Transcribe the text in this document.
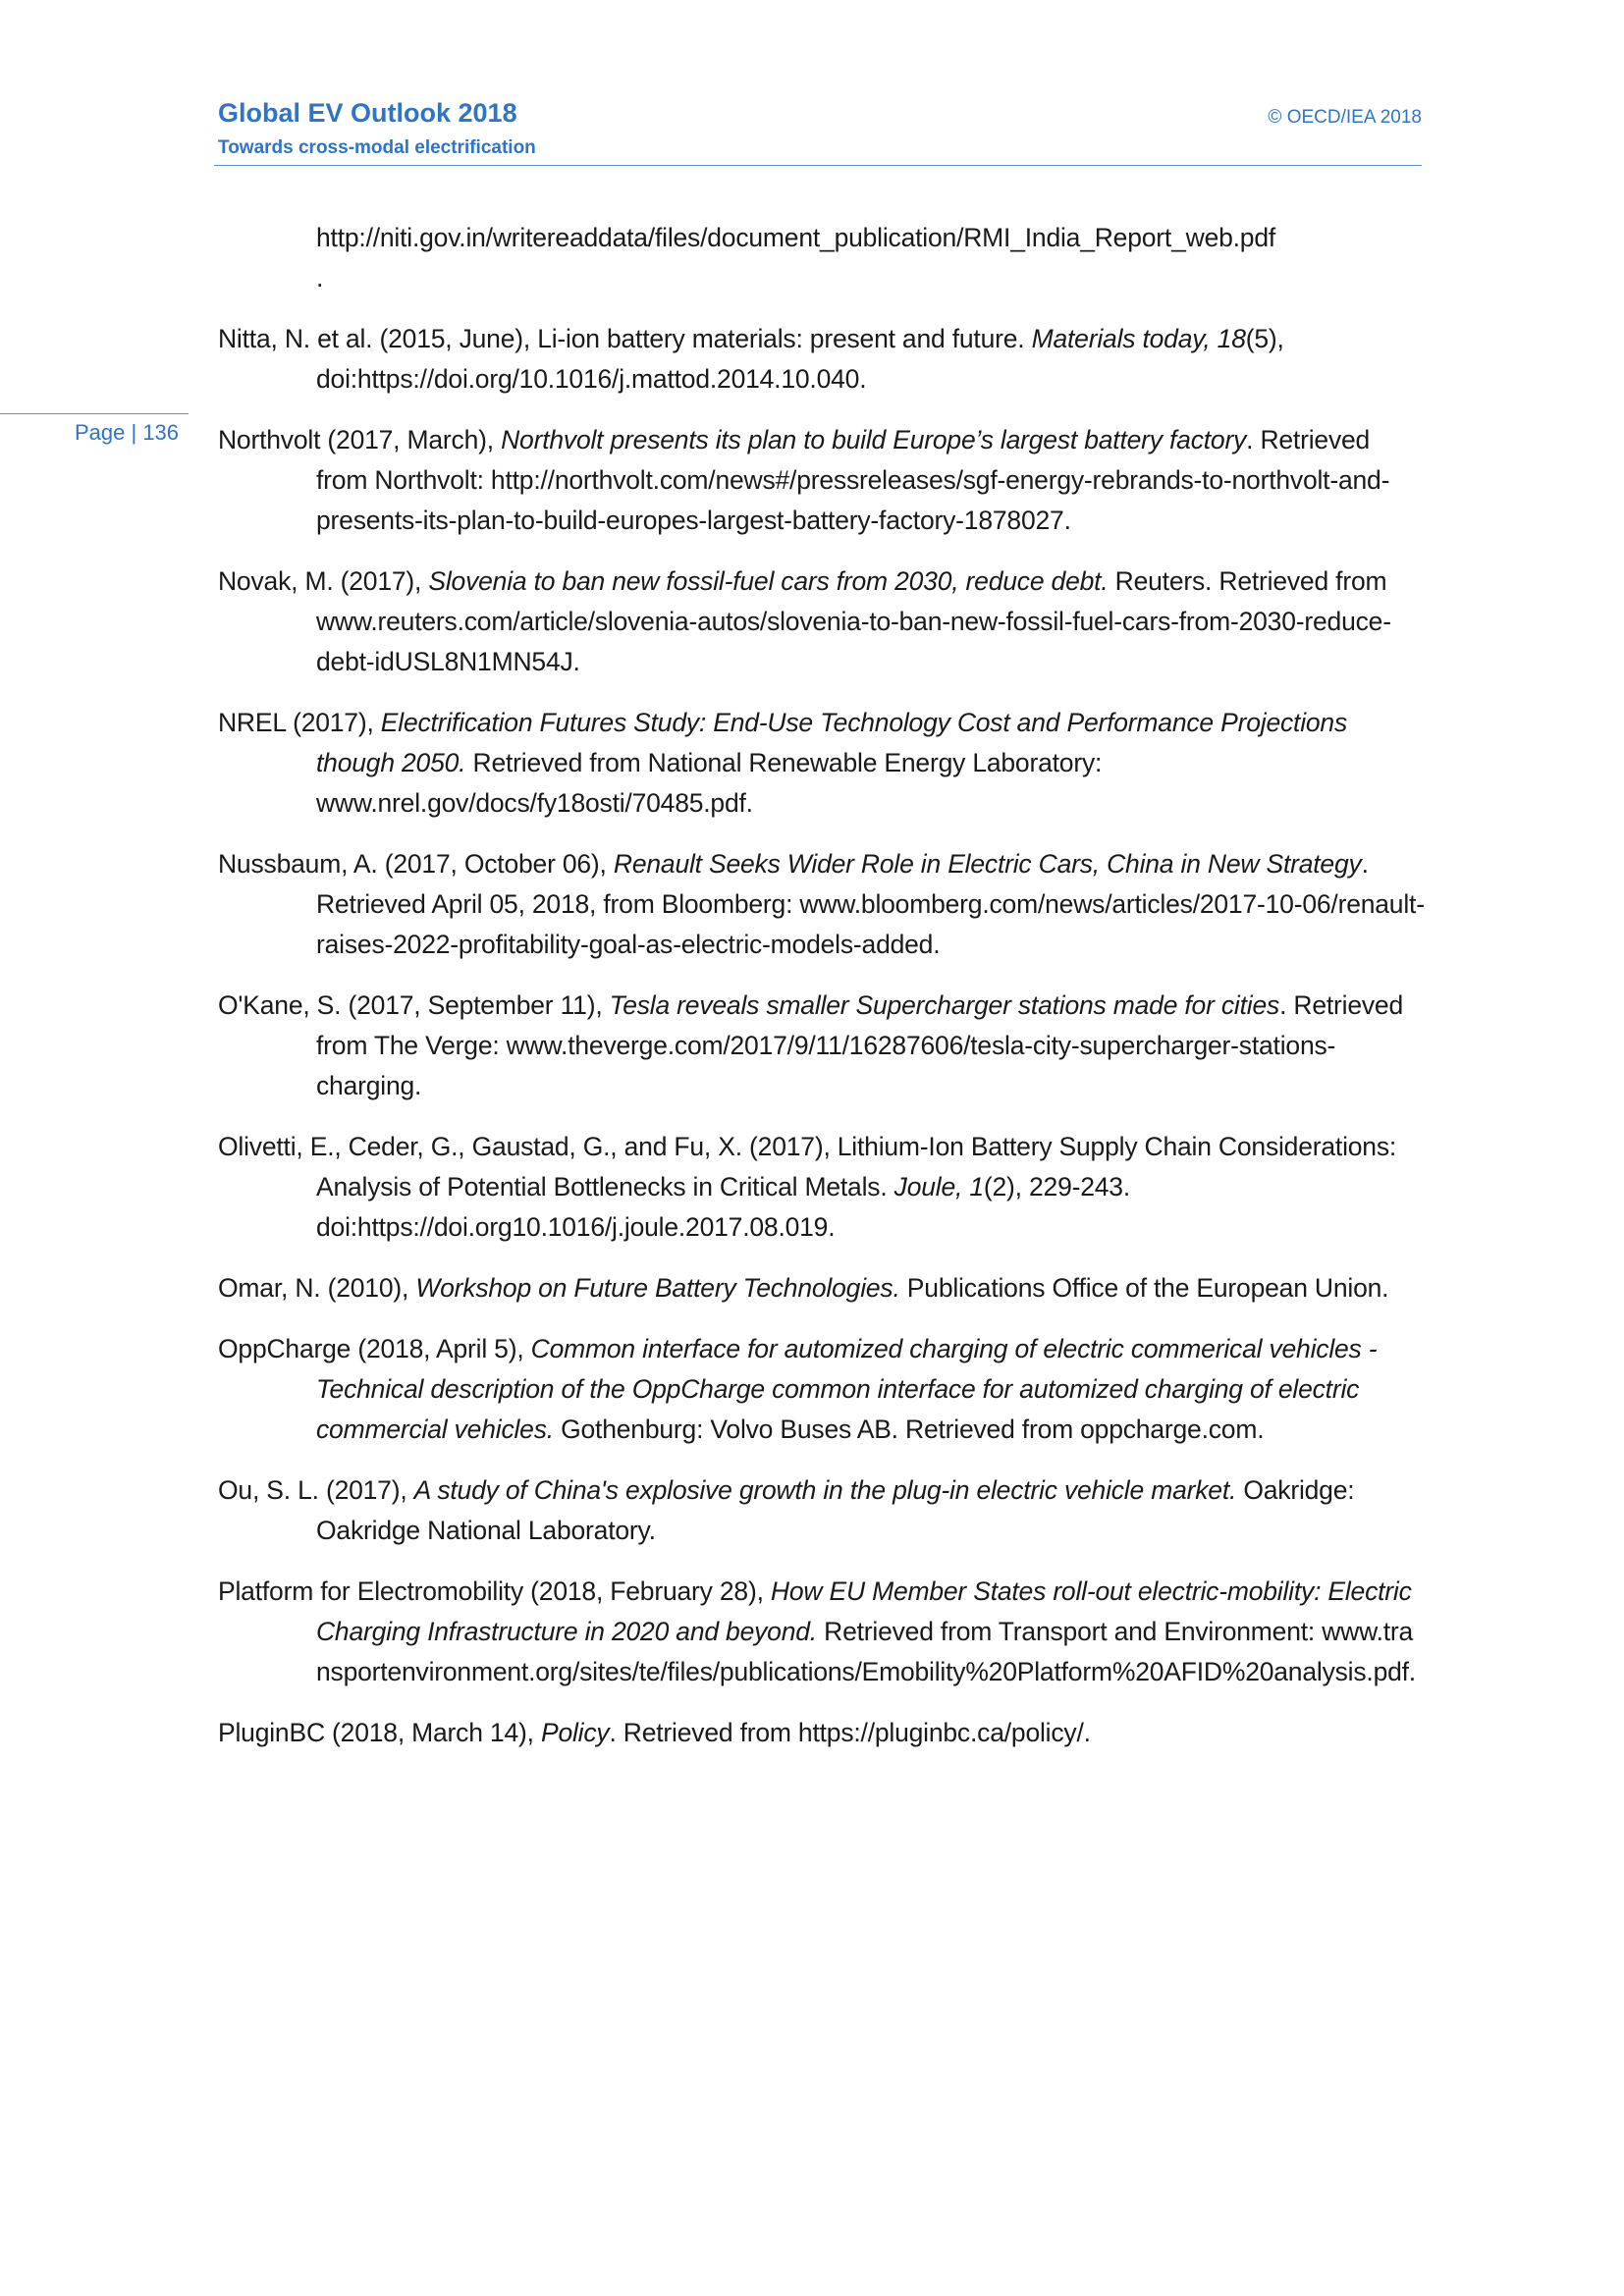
Global EV Outlook 2018
Towards cross-modal electrification
© OECD/IEA 2018
Page | 136

http://niti.gov.in/writereaddata/files/document_publication/RMI_India_Report_web.pdf
.

Nitta, N. et al. (2015, June), Li-ion battery materials: present and future. Materials today, 18(5), doi:https://doi.org/10.1016/j.mattod.2014.10.040.

Northvolt (2017, March), Northvolt presents its plan to build Europe’s largest battery factory. Retrieved from Northvolt: http://northvolt.com/news#/pressreleases/sgf-energy-rebrands-to-northvolt-and-presents-its-plan-to-build-europes-largest-battery-factory-1878027.

Novak, M. (2017), Slovenia to ban new fossil-fuel cars from 2030, reduce debt. Reuters. Retrieved from www.reuters.com/article/slovenia-autos/slovenia-to-ban-new-fossil-fuel-cars-from-2030-reduce-debt-idUSL8N1MN54J.

NREL (2017), Electrification Futures Study: End-Use Technology Cost and Performance Projections though 2050. Retrieved from National Renewable Energy Laboratory: www.nrel.gov/docs/fy18osti/70485.pdf.

Nussbaum, A. (2017, October 06), Renault Seeks Wider Role in Electric Cars, China in New Strategy. Retrieved April 05, 2018, from Bloomberg: www.bloomberg.com/news/articles/2017-10-06/renault-raises-2022-profitability-goal-as-electric-models-added.

O'Kane, S. (2017, September 11), Tesla reveals smaller Supercharger stations made for cities. Retrieved from The Verge: www.theverge.com/2017/9/11/16287606/tesla-city-supercharger-stations-charging.

Olivetti, E., Ceder, G., Gaustad, G., and Fu, X. (2017), Lithium-Ion Battery Supply Chain Considerations: Analysis of Potential Bottlenecks in Critical Metals. Joule, 1(2), 229-243. doi:https://doi.org10.1016/j.joule.2017.08.019.

Omar, N. (2010), Workshop on Future Battery Technologies. Publications Office of the European Union.

OppCharge (2018, April 5), Common interface for automized charging of electric commerical vehicles - Technical description of the OppCharge common interface for automized charging of electric commercial vehicles. Gothenburg: Volvo Buses AB. Retrieved from oppcharge.com.

Ou, S. L. (2017), A study of China's explosive growth in the plug-in electric vehicle market. Oakridge: Oakridge National Laboratory.

Platform for Electromobility (2018, February 28), How EU Member States roll-out electric-mobility: Electric Charging Infrastructure in 2020 and beyond. Retrieved from Transport and Environment: www.transportenvironment.org/sites/te/files/publications/Emobility%20Platform%20AFID%20analysis.pdf.

PluginBC (2018, March 14), Policy. Retrieved from https://pluginbc.ca/policy/.
